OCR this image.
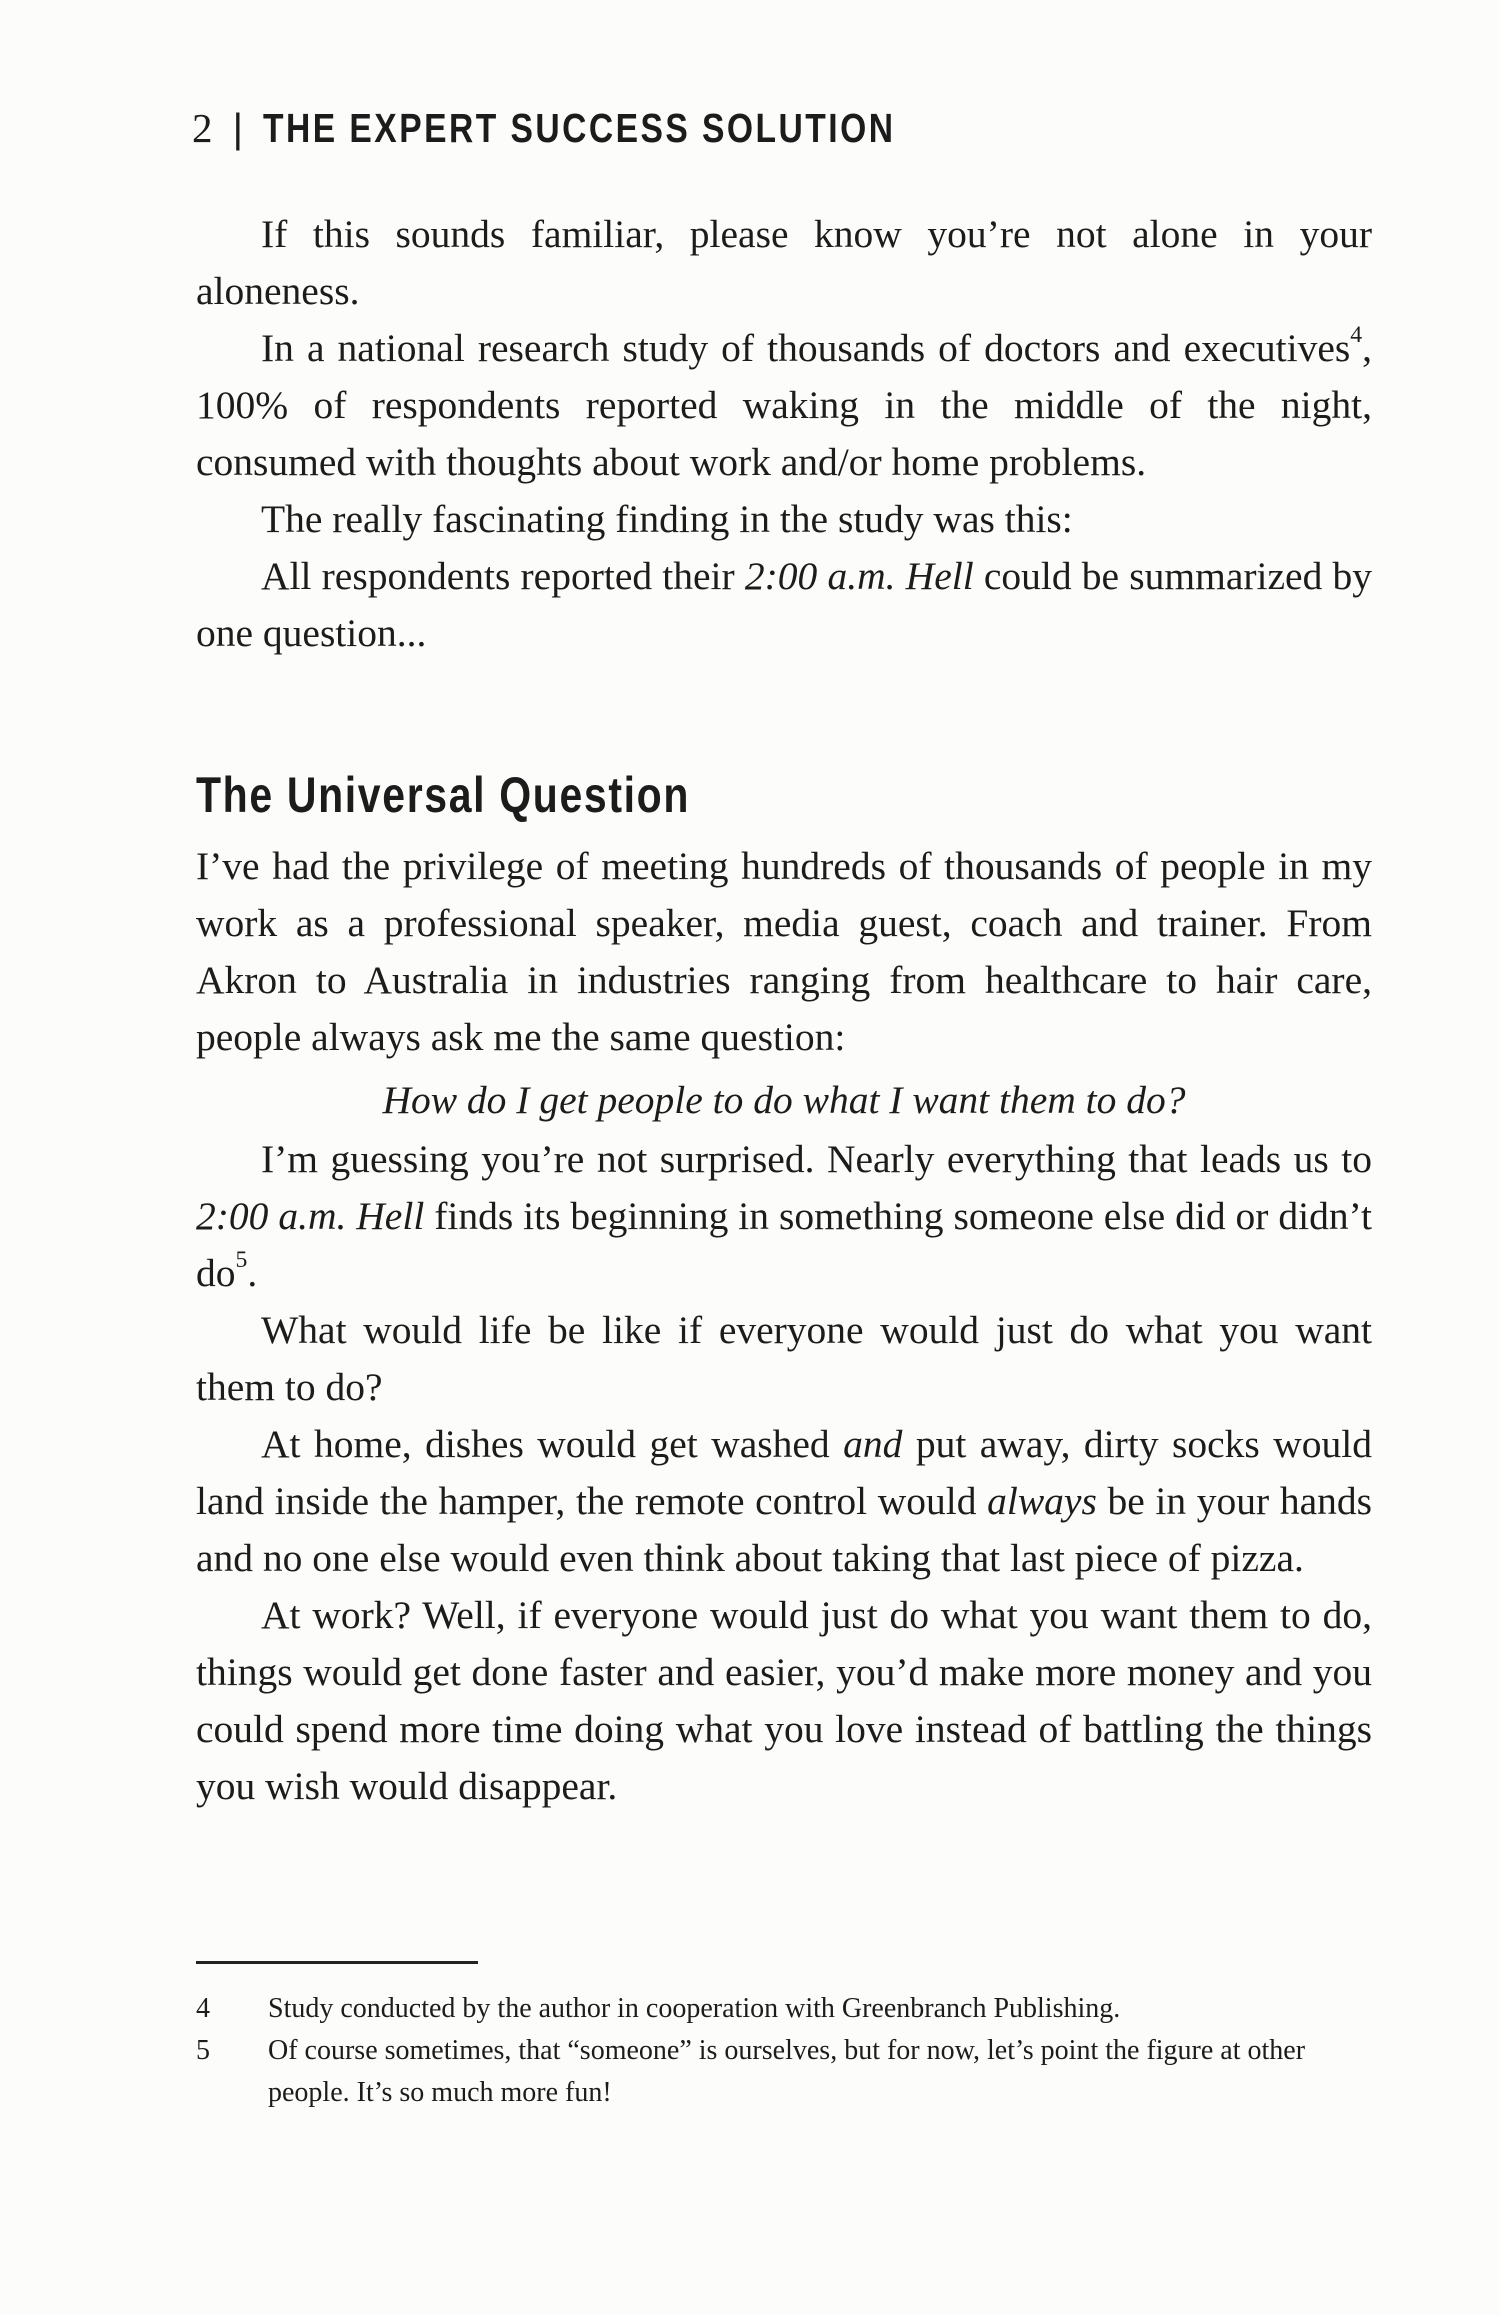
2 | THE EXPERT SUCCESS SOLUTION

If this sounds familiar, please know you’re not alone in your aloneness.

In a national research study of thousands of doctors and executives$^4$, 100% of respondents reported waking in the middle of the night, consumed with thoughts about work and/or home problems.

The really fascinating finding in the study was this:

All respondents reported their 2:00 a.m. Hell could be summarized by one question...

The Universal Question

I’ve had the privilege of meeting hundreds of thousands of people in my work as a professional speaker, media guest, coach and trainer. From Akron to Australia in industries ranging from healthcare to hair care, people always ask me the same question:

How do I get people to do what I want them to do?

I’m guessing you’re not surprised. Nearly everything that leads us to 2:00 a.m. Hell finds its beginning in something someone else did or didn’t $do^5$.

What would life be like if everyone would just do what you want them to do?

At home, dishes would get washed and put away, dirty socks would land inside the hamper, the remote control would always be in your hands and no one else would even think about taking that last piece of pizza.

At work? Well, if everyone would just do what you want them to do, things would get done faster and easier, you’d make more money and you could spend more time doing what you love instead of battling the things you wish would disappear.

4	Study conducted by the author in cooperation with Greenbranch Publishing.
5	Of course sometimes, that “someone” is ourselves, but for now, let’s point the figure at other people. It’s so much more fun!
